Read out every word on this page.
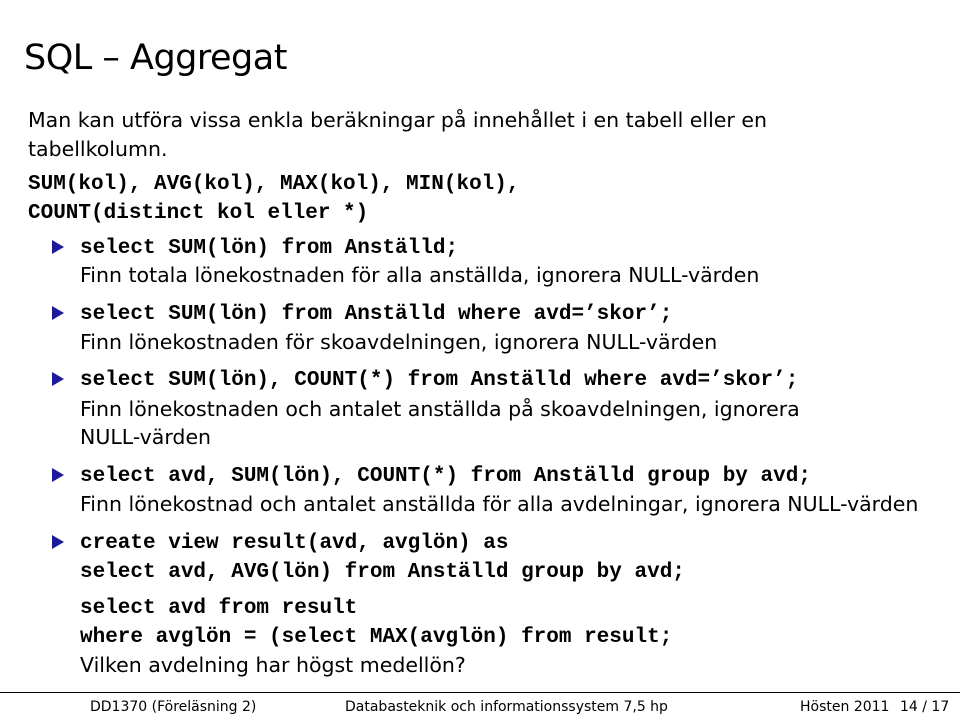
SQL – Aggregat
Man kan utföra vissa enkla beräkningar på innehållet i en tabell eller en
tabellkolumn.
SUM(kol), AVG(kol), MAX(kol), MIN(kol),
COUNT(distinct kol eller *)
select SUM(lön) from Anställd;
Finn totala lönekostnaden för alla anställda, ignorera NULL-värden
select SUM(lön) from Anställd where avd=’skor’;
Finn lönekostnaden för skoavdelningen, ignorera NULL-värden
select SUM(lön), COUNT(*) from Anställd where avd=’skor’;
Finn lönekostnaden och antalet anställda på skoavdelningen, ignorera
NULL-värden
select avd, SUM(lön), COUNT(*) from Anställd group by avd;
Finn lönekostnad och antalet anställda för alla avdelningar, ignorera NULL-värden
create view result(avd, avglön) as
select avd, AVG(lön) from Anställd group by avd;
select avd from result
where avglön = (select MAX(avglön) from result;
Vilken avdelning har högst medellön?
DD1370 (Föreläsning 2)	Databasteknik och informationssystem 7,5 hp	Hösten 2011 14 / 17
